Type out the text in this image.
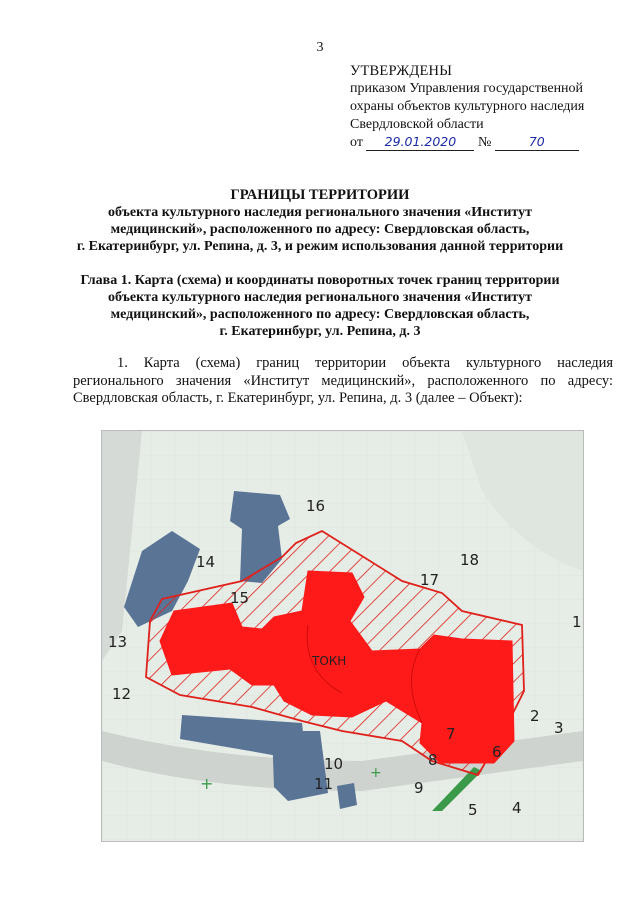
3
УТВЕРЖДЕНЫ
приказом Управления государственной
охраны объектов культурного наследия
Свердловской области
от 29.01.2020 №	70
ГРАНИЦЫ ТЕРРИТОРИИ
объекта культурного наследия регионального значения «Институт
медицинский», расположенного по адресу: Свердловская область,
г. Екатеринбург, ул. Репина, д. 3, и режим использования данной территории
Глава 1. Карта (схема) и координаты поворотных точек границ территории
объекта культурного наследия регионального значения «Институт
медицинский», расположенного по адресу: Свердловская область,
г. Екатеринбург, ул. Репина, д. 3
1. Карта (схема) границ территории объекта культурного наследия регионального значения «Институт медицинский», расположенного по адресу: Свердловская область, г. Екатеринбург, ул. Репина, д. 3 (далее – Объект):
ТОКН
1
2
3
4
5
6
7
8
9
10
11
12
13
14
15
16
17
18
+
+
